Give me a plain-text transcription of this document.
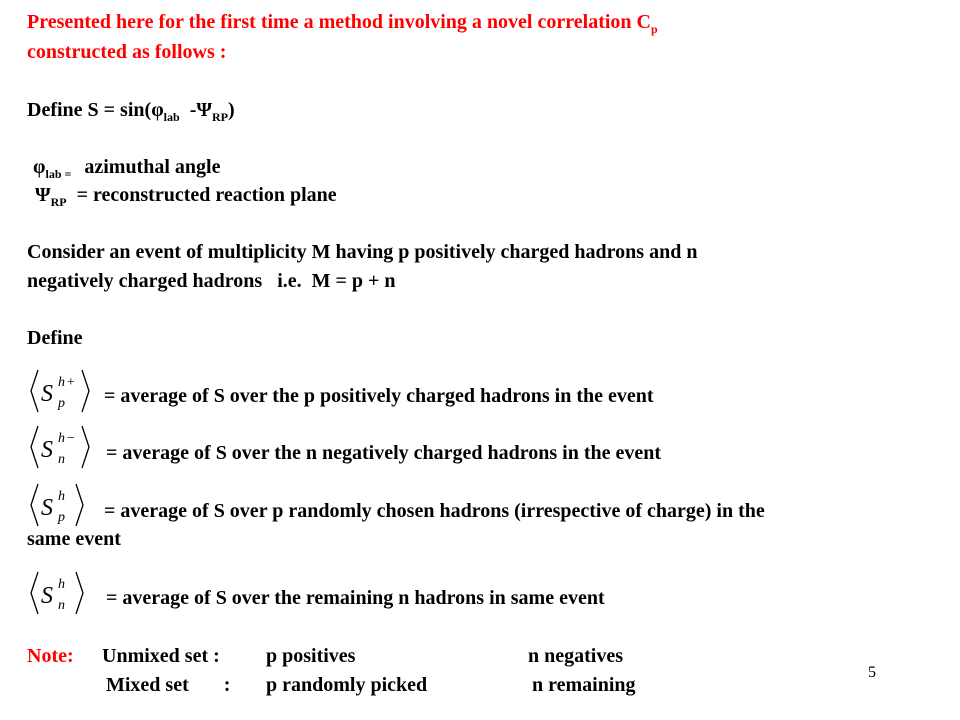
Presented here for the first time a method involving a novel correlation $C_p$
constructed as follows :
Define $S = \sin(\varphi_{lab}$  $-\Psi_{RP}$)
$\varphi_{lab}$ $_=$   azimuthal angle
$\Psi_{RP}$  = reconstructed reaction plane
Consider an event of multiplicity M having p positively charged hadrons and n
negatively charged hadrons   i.e.  M = p + n
Define
S h +
p = average of S over the p positively charged hadrons in the event
S h −
n = average of S over the n negatively charged hadrons in the event
S h
p = average of S over p randomly chosen hadrons (irrespective of charge) in the
same event
S h
n = average of S over the remaining n hadrons in same event
Note: Unmixed set : p positives	n negatives
Mixed set       : p randomly picked	n remaining
5
